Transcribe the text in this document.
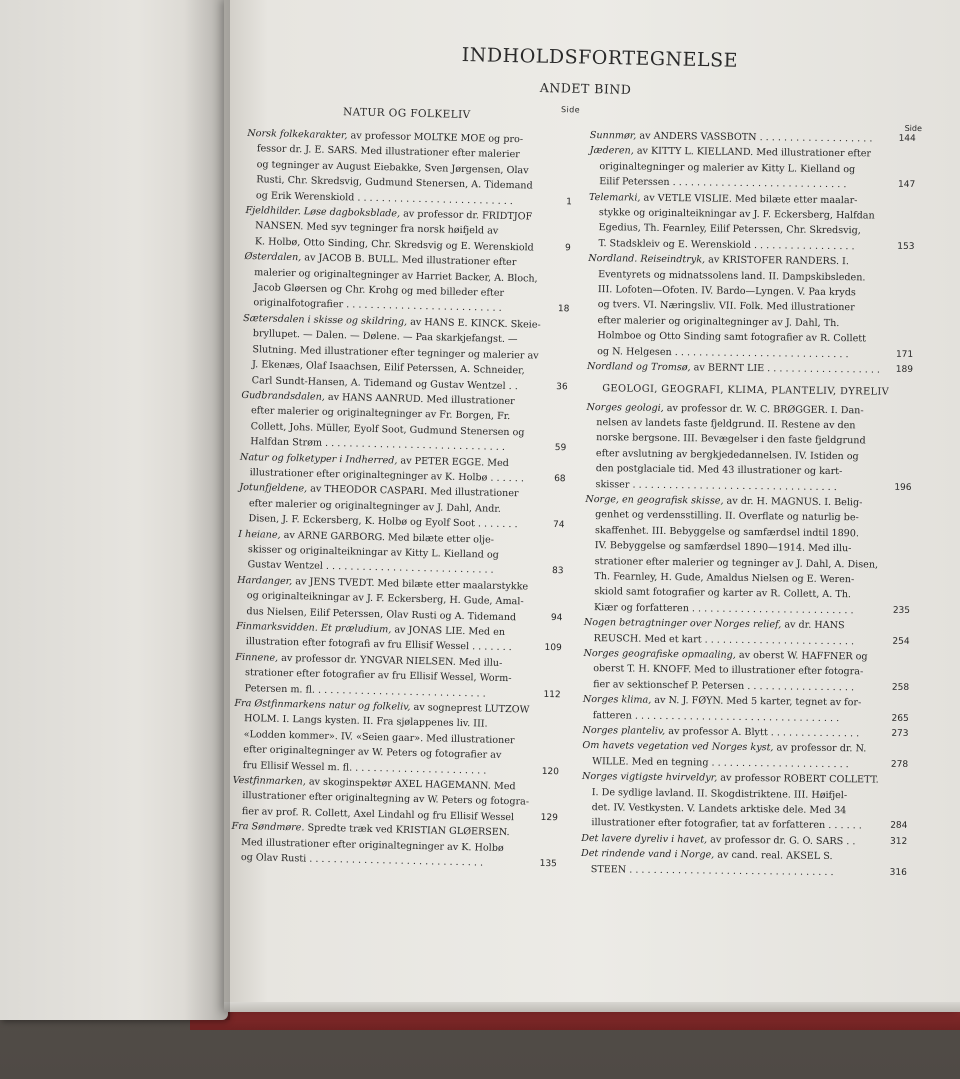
INDHOLDSFORTEGNELSE
ANDET BIND
NATUR OG FOLKELIV	Side
Norsk folkekarakter, av professor MOLTKE MOE og pro-
fessor dr. J. E. SARS. Med illustrationer efter malerier
og tegninger av August Eiebakke, Sven Jørgensen, Olav
Rusti, Chr. Skredsvig, Gudmund Stenersen, A. Tidemand
og Erik Werenskiold . . . . . . . . . . . . . . . . . . . . . . . . . .	1
Fjeldhilder. Løse dagboksblade, av professor dr. FRIDTJOF
NANSEN. Med syv tegninger fra norsk høifjeld av
K. Holbø, Otto Sinding, Chr. Skredsvig og E. Werenskiold	9
Østerdalen, av JACOB B. BULL. Med illustrationer efter
malerier og originaltegninger av Harriet Backer, A. Bloch,
Jacob Gløersen og Chr. Krohg og med billeder efter
originalfotografier . . . . . . . . . . . . . . . . . . . . . . . . . .	18
Sætersdalen i skisse og skildring, av HANS E. KINCK. Skeie-
bryllupet. — Dalen. — Dølene. — Paa skarkjefangst. —
Slutning. Med illustrationer efter tegninger og malerier av
J. Ekenæs, Olaf Isaachsen, Eilif Peterssen, A. Schneider,
Carl Sundt-Hansen, A. Tidemand og Gustav Wentzel . .	36
Gudbrandsdalen, av HANS AANRUD. Med illustrationer
efter malerier og originaltegninger av Fr. Borgen, Fr.
Collett, Johs. Müller, Eyolf Soot, Gudmund Stenersen og
Halfdan Strøm . . . . . . . . . . . . . . . . . . . . . . . . . . . . . .	59
Natur og folketyper i Indherred, av PETER EGGE. Med
illustrationer efter originaltegninger av K. Holbø . . . . . .	68
Jotunfjeldene, av THEODOR CASPARI. Med illustrationer
efter malerier og originaltegninger av J. Dahl, Andr.
Disen, J. F. Eckersberg, K. Holbø og Eyolf Soot . . . . . . .	74
I heiane, av ARNE GARBORG. Med bilæte etter olje-
skisser og originalteikningar av Kitty L. Kielland og
Gustav Wentzel . . . . . . . . . . . . . . . . . . . . . . . . . . . .	83
Hardanger, av JENS TVEDT. Med bilæte etter maalarstykke
og originalteikningar av J. F. Eckersberg, H. Gude, Amal-
dus Nielsen, Eilif Peterssen, Olav Rusti og A. Tidemand	94
Finmarksvidden. Et præludium, av JONAS LIE. Med en
illustration efter fotografi av fru Ellisif Wessel . . . . . . .	109
Finnene, av professor dr. YNGVAR NIELSEN. Med illu-
strationer efter fotografier av fru Ellisif Wessel, Worm-
Petersen m. fl. . . . . . . . . . . . . . . . . . . . . . . . . . . . .	112
Fra Østfinmarkens natur og folkeliv, av sogneprest LUTZOW
HOLM. I. Langs kysten. II. Fra sjølappenes liv. III.
«Lodden kommer». IV. «Seien gaar». Med illustrationer
efter originaltegninger av W. Peters og fotografier av
fru Ellisif Wessel m. fl. . . . . . . . . . . . . . . . . . . . . . .	120
Vestfinmarken, av skoginspektør AXEL HAGEMANN. Med
illustrationer efter originaltegning av W. Peters og fotogra-
fier av prof. R. Collett, Axel Lindahl og fru Ellisif Wessel	129
Fra Søndmøre. Spredte træk ved KRISTIAN GLØERSEN.
Med illustrationer efter originaltegninger av K. Holbø
og Olav Rusti . . . . . . . . . . . . . . . . . . . . . . . . . . . . .	135
Side
Sunnmør, av ANDERS VASSBOTN . . . . . . . . . . . . . . . . . . .	144
Jæderen, av KITTY L. KIELLAND. Med illustrationer efter
originaltegninger og malerier av Kitty L. Kielland og
Eilif Peterssen . . . . . . . . . . . . . . . . . . . . . . . . . . . . .	147
Telemarki, av VETLE VISLIE. Med bilæte etter maalar-
stykke og originalteikningar av J. F. Eckersberg, Halfdan
Egedius, Th. Fearnley, Eilif Peterssen, Chr. Skredsvig,
T. Stadskleiv og E. Werenskiold . . . . . . . . . . . . . . . . .	153
Nordland. Reiseindtryk, av KRISTOFER RANDERS. I.
Eventyrets og midnatssolens land. II. Dampskibsleden.
III. Lofoten—Ofoten. IV. Bardo—Lyngen. V. Paa kryds
og tvers. VI. Næringsliv. VII. Folk. Med illustrationer
efter malerier og originaltegninger av J. Dahl, Th.
Holmboe og Otto Sinding samt fotografier av R. Collett
og N. Helgesen . . . . . . . . . . . . . . . . . . . . . . . . . . . . .	171
Nordland og Tromsø, av BERNT LIE . . . . . . . . . . . . . . . . . . . 189
GEOLOGI, GEOGRAFI, KLIMA, PLANTELIV, DYRELIV
Norges geologi, av professor dr. W. C. BRØGGER. I. Dan-
nelsen av landets faste fjeldgrund. II. Restene av den
norske bergsone. III. Bevægelser i den faste fjeldgrund
efter avslutning av bergkjededannelsen. IV. Istiden og
den postglaciale tid. Med 43 illustrationer og kart-
skisser . . . . . . . . . . . . . . . . . . . . . . . . . . . . . . . . . .	196
Norge, en geografisk skisse, av dr. H. MAGNUS. I. Belig-
genhet og verdensstilling. II. Overflate og naturlig be-
skaffenhet. III. Bebyggelse og samfærdsel indtil 1890.
IV. Bebyggelse og samfærdsel 1890—1914. Med illu-
strationer efter malerier og tegninger av J. Dahl, A. Disen,
Th. Fearnley, H. Gude, Amaldus Nielsen og E. Weren-
skiold samt fotografier og karter av R. Collett, A. Th.
Kiær og forfatteren . . . . . . . . . . . . . . . . . . . . . . . . . . .	235
Nogen betragtninger over Norges relief, av dr. HANS
REUSCH. Med et kart . . . . . . . . . . . . . . . . . . . . . . . . .	254
Norges geografiske opmaaling, av oberst W. HAFFNER og
oberst T. H. KNOFF. Med to illustrationer efter fotogra-
fier av sektionschef P. Petersen . . . . . . . . . . . . . . . . . .	258
Norges klima, av N. J. FØYN. Med 5 karter, tegnet av for-
fatteren . . . . . . . . . . . . . . . . . . . . . . . . . . . . . . . . . .	265
Norges planteliv, av professor A. Blytt . . . . . . . . . . . . . . .	273
Om havets vegetation ved Norges kyst, av professor dr. N.
WILLE. Med en tegning . . . . . . . . . . . . . . . . . . . . . . .	278
Norges vigtigste hvirveldyr, av professor ROBERT COLLETT.
I. De sydlige lavland. II. Skogdistriktene. III. Høifjel-
det. IV. Vestkysten. V. Landets arktiske dele. Med 34
illustrationer efter fotografier, tat av forfatteren . . . . . .	284
Det lavere dyreliv i havet, av professor dr. G. O. SARS . .	312
Det rindende vand i Norge, av cand. real. AKSEL S.
STEEN . . . . . . . . . . . . . . . . . . . . . . . . . . . . . . . . . .	316
